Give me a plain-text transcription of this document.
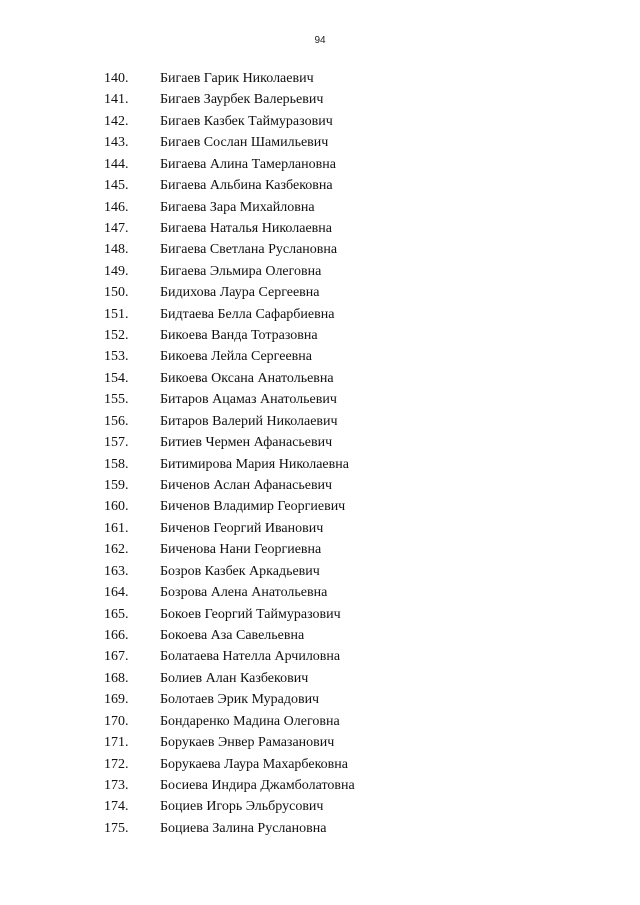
94
140.	Бигаев Гарик Николаевич
141.	Бигаев Заурбек Валерьевич
142.	Бигаев Казбек Таймуразович
143.	Бигаев Сослан Шамильевич
144.	Бигаева Алина Тамерлановна
145.	Бигаева Альбина Казбековна
146.	Бигаева Зара Михайловна
147.	Бигаева Наталья Николаевна
148.	Бигаева Светлана Руслановна
149.	Бигаева Эльмира Олеговна
150.	Бидихова Лаура Сергеевна
151.	Бидтаева Белла Сафарбиевна
152.	Бикоева Ванда Тотразовна
153.	Бикоева Лейла Сергеевна
154.	Бикоева Оксана Анатольевна
155.	Битаров Ацамаз Анатольевич
156.	Битаров Валерий Николаевич
157.	Битиев Чермен Афанасьевич
158.	Битимирова Мария Николаевна
159.	Биченов Аслан Афанасьевич
160.	Биченов Владимир Георгиевич
161.	Биченов Георгий Иванович
162.	Биченова Нани Георгиевна
163.	Бозров Казбек Аркадьевич
164.	Бозрова Алена Анатольевна
165.	Бокоев Георгий Таймуразович
166.	Бокоева Аза Савельевна
167.	Болатаева Нателла Арчиловна
168.	Болиев Алан Казбекович
169.	Болотаев Эрик Мурадович
170.	Бондаренко Мадина Олеговна
171.	Борукаев Энвер Рамазанович
172.	Борукаева Лаура Махарбековна
173.	Босиева Индира Джамболатовна
174.	Боциев Игорь Эльбрусович
175.	Боциева Залина Руслановна
